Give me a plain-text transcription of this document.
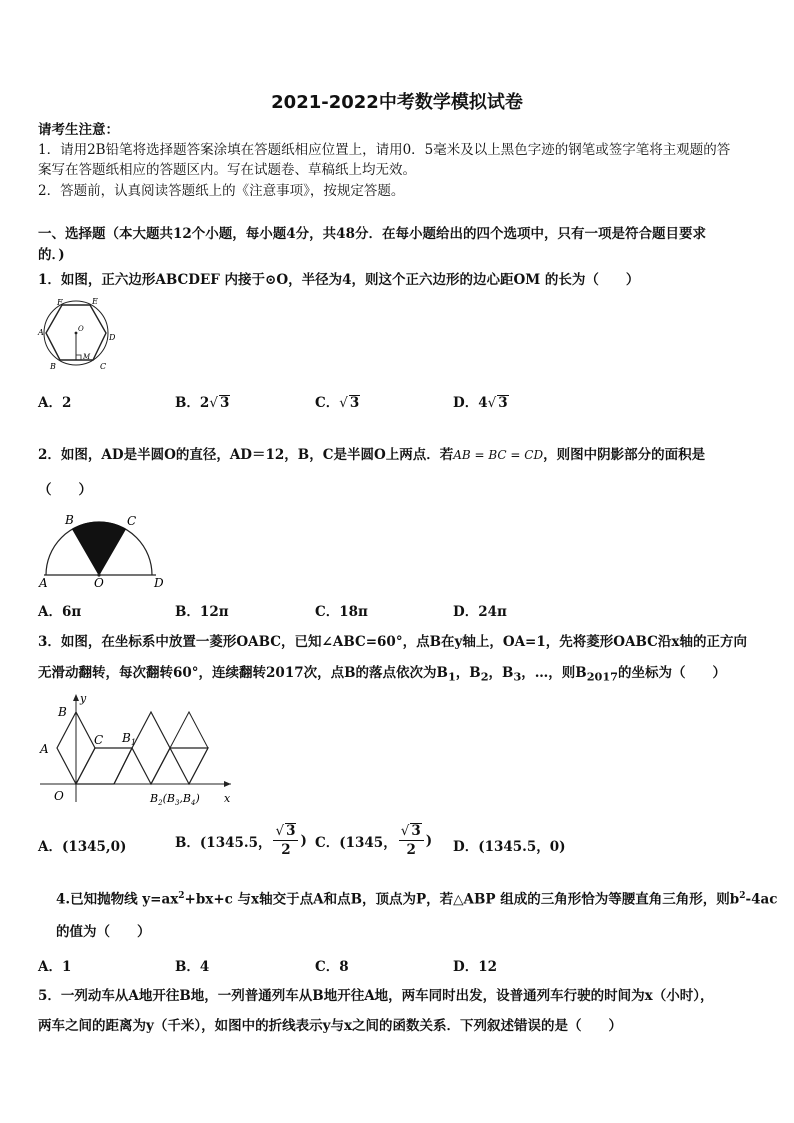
2021-2022中考数学模拟试卷
请考生注意：
1．请用2B铅笔将选择题答案涂填在答题纸相应位置上，请用0．5毫米及以上黑色字迹的钢笔或签字笔将主观题的答
案写在答题纸相应的答题区内。写在试题卷、草稿纸上均无效。
2．答题前，认真阅读答题纸上的《注意事项》，按规定答题。
一、选择题（本大题共12个小题，每小题4分，共48分．在每小题给出的四个选项中，只有一项是符合题目要求
的．)
1．如图，正六边形ABCDEF 内接于⊙O，半径为4，则这个正六边形的边心距OM 的长为（　　）
F	E
A
D
B	C
O
M
A．2	B．2√ 3	C．√ 3	D．4√ 3
2．如图，AD是半圆O的直径，AD＝12，B，C是半圆O上两点．若AB = BC = CD，则图中阴影部分的面积是
（　　）
B	C
A	O	D
A．6π	B．12π	C．18π	D．24π
3．如图，在坐标系中放置一菱形OABC，已知∠ABC=60°，点B在y轴上，OA=1，先将菱形OABC沿x轴的正方向
无滑动翻转，每次翻转60°，连续翻转2017次，点B的落点依次为$B_1$，$B_2$，$B_3$，…，则$B_{2017}$的坐标为（　　）
B
y
A
C $B_1$
O	$B_2(B_3,B_4)$ x
A．(1345,0)	B．(1345.5， $\frac{√ 3}{2}$ ) C．(1345， $\frac{√ 3}{2}$ ) D．(1345.5，0)
4.已知抛物线 $y=ax^2+bx+c$ 与x轴交于点A和点B，顶点为P，若△ABP 组成的三角形恰为等腰直角三角形，则$b^2-4ac$
的值为（　　）
A．1	B．4	C．8	D．12
5．一列动车从A地开往B地，一列普通列车从B地开往A地，两车同时出发，设普通列车行驶的时间为x（小时），
两车之间的距离为y（千米），如图中的折线表示y与x之间的函数关系．下列叙述错误的是（　　）
